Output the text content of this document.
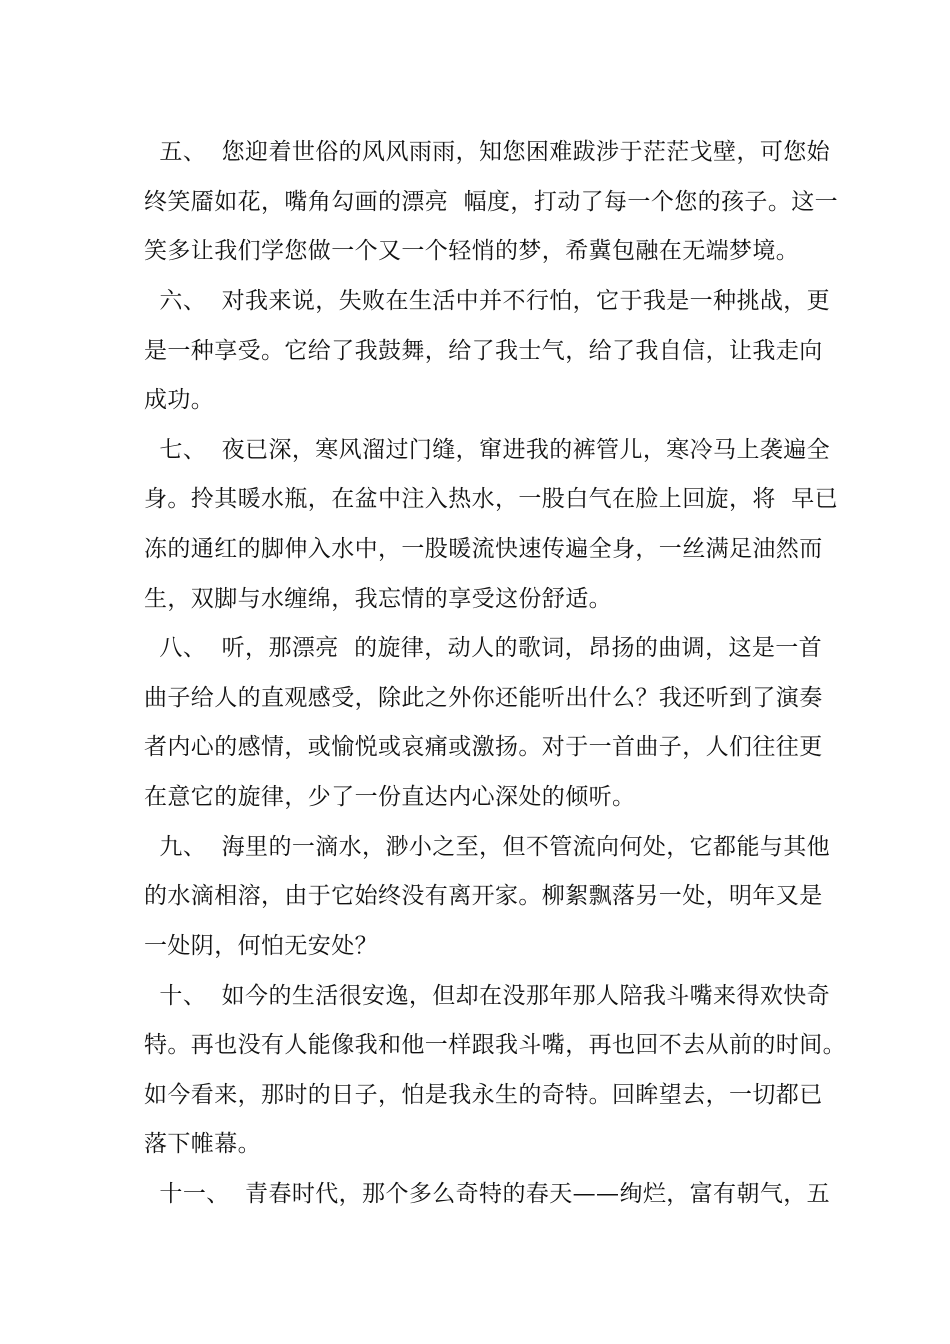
五、  您迎着世俗的风风雨雨，知您困难跋涉于茫茫戈壁，可您始
终笑靥如花，嘴角勾画的漂亮  幅度，打动了每一个您的孩子。这一
笑多让我们学您做一个又一个轻悄的梦，希冀包融在无端梦境。
六、  对我来说，失败在生活中并不行怕，它于我是一种挑战，更
是一种享受。它给了我鼓舞，给了我士气，给了我自信，让我走向
成功。
七、  夜已深，寒风溜过门缝，窜进我的裤管儿，寒冷马上袭遍全
身。拎其暖水瓶，在盆中注入热水，一股白气在脸上回旋，将  早已
冻的通红的脚伸入水中，一股暖流快速传遍全身，一丝满足油然而
生，双脚与水缠绵，我忘情的享受这份舒适。
八、  听，那漂亮  的旋律，动人的歌词，昂扬的曲调，这是一首
曲子给人的直观感受，除此之外你还能听出什么？我还听到了演奏
者内心的感情，或愉悦或哀痛或激扬。对于一首曲子，人们往往更
在意它的旋律，少了一份直达内心深处的倾听。
九、  海里的一滴水，渺小之至，但不管流向何处，它都能与其他
的水滴相溶，由于它始终没有离开家。柳絮飘落另一处，明年又是
一处阴，何怕无安处？
十、  如今的生活很安逸，但却在没那年那人陪我斗嘴来得欢快奇
特。再也没有人能像我和他一样跟我斗嘴，再也回不去从前的时间。
如今看来，那时的日子，怕是我永生的奇特。回眸望去，一切都已
落下帷幕。
十一、  青春时代，那个多么奇特的春天——绚烂，富有朝气，五
